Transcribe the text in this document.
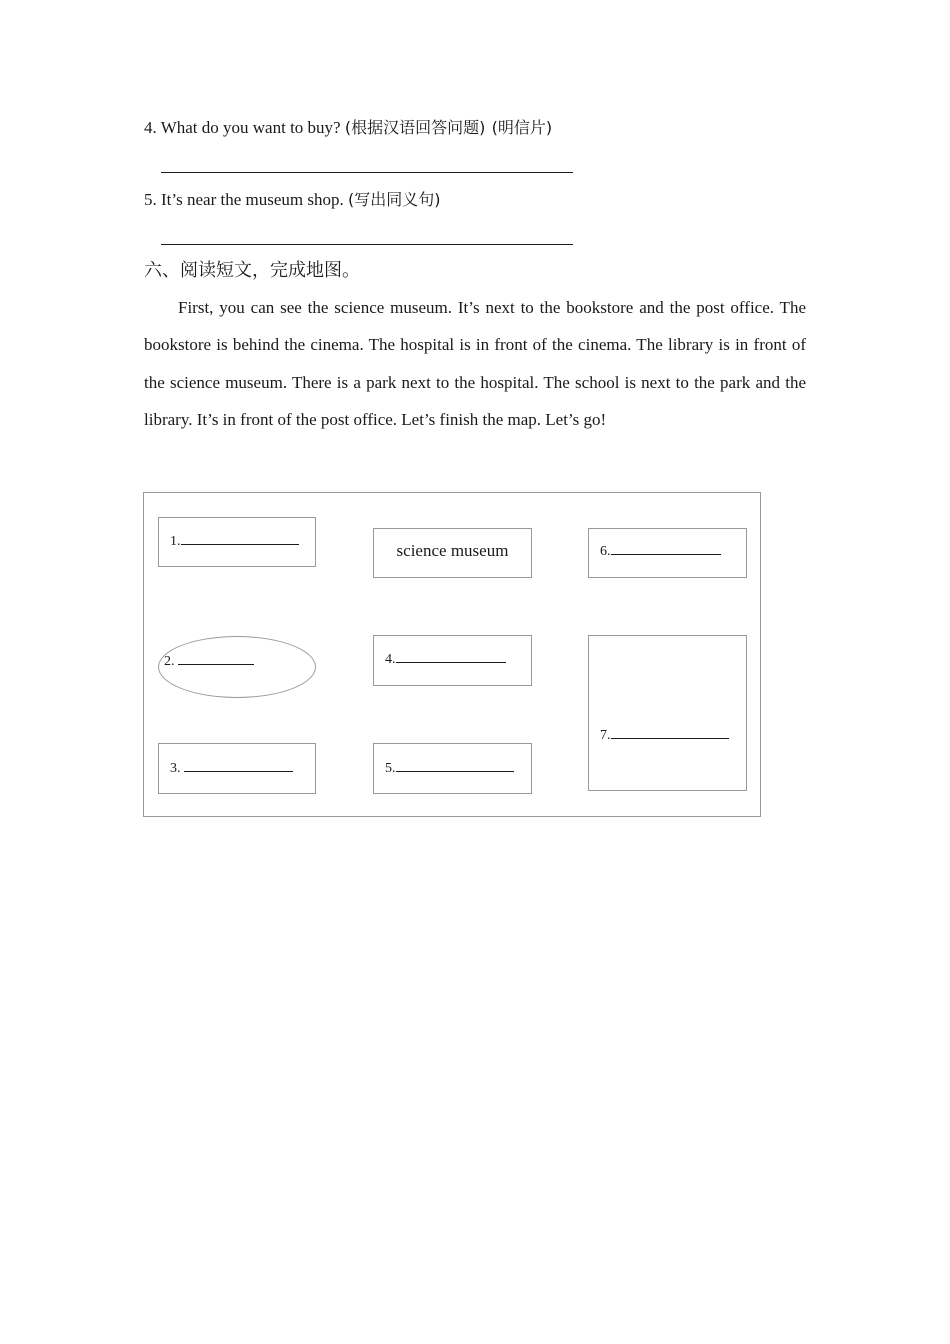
4. What do you want to buy? (根据汉语回答问题) (明信片)
5. It’s near the museum shop. (写出同义句)
六、阅读短文，完成地图。
First, you can see the science museum. It’s next to the bookstore and the post office. The bookstore is behind the cinema. The hospital is in front of the cinema. The library is in front of the science museum. There is a park next to the hospital. The school is next to the park and the library. It’s in front of the post office. Let’s finish the map. Let’s go!
1.	science museum	6.
2.	4.
7.
3.	5.
